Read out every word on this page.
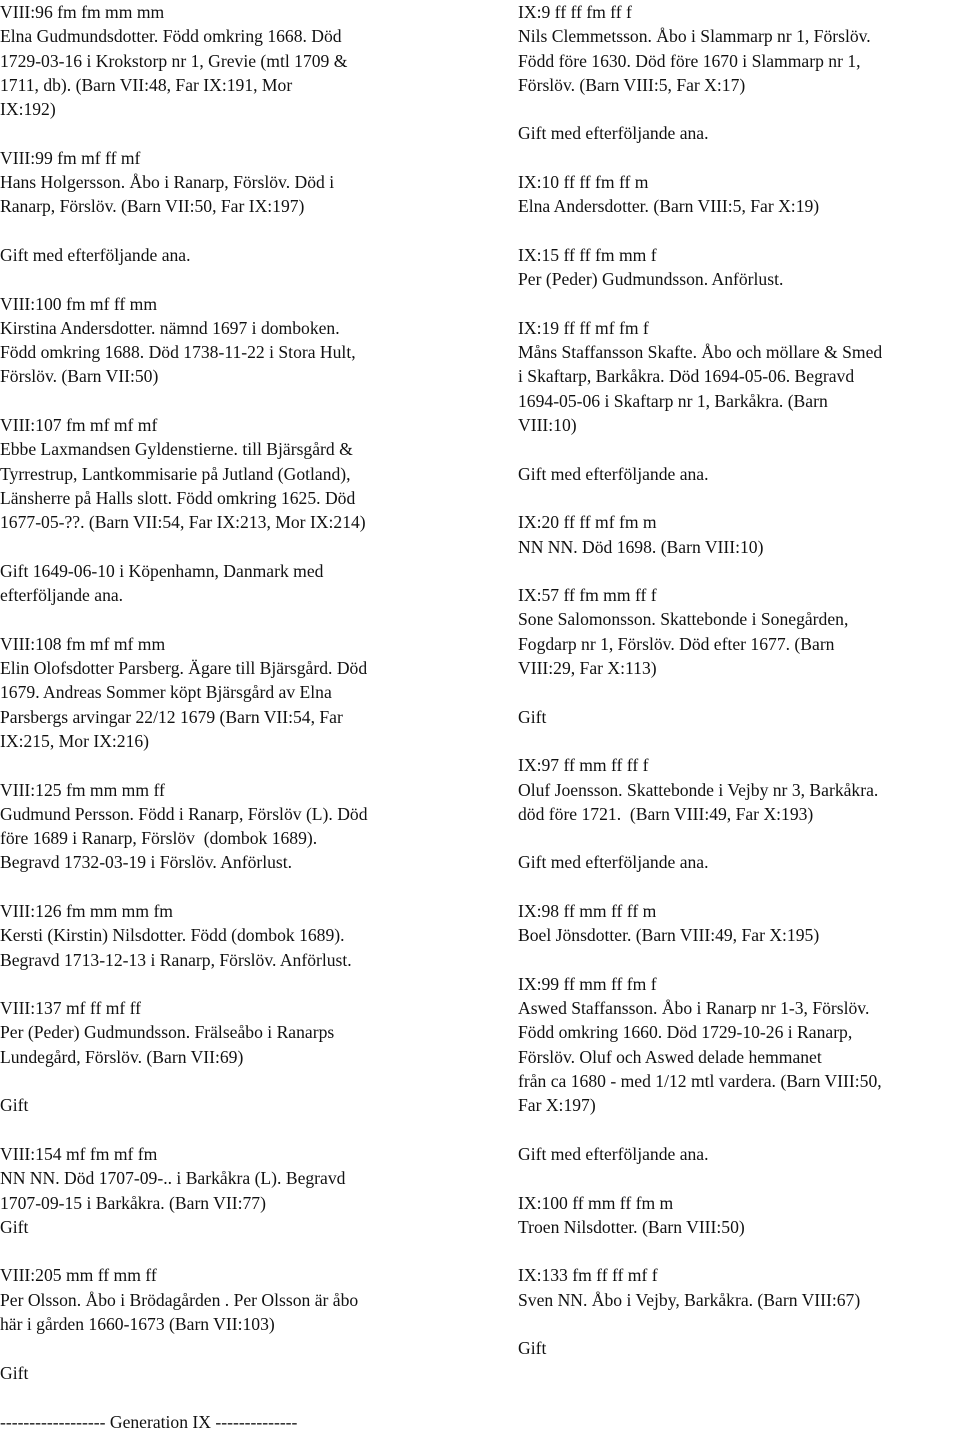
VIII:96 fm fm mm mm
Elna Gudmundsdotter. Född omkring 1668. Död
1729-03-16 i Krokstorp nr 1, Grevie (mtl 1709 &
1711, db). (Barn VII:48, Far IX:191, Mor
IX:192)
VIII:99 fm mf ff mf
Hans Holgersson. Åbo i Ranarp, Förslöv. Död i
Ranarp, Förslöv. (Barn VII:50, Far IX:197)
Gift med efterföljande ana.
VIII:100 fm mf ff mm
Kirstina Andersdotter. nämnd 1697 i domboken.
Född omkring 1688. Död 1738-11-22 i Stora Hult,
Förslöv. (Barn VII:50)
VIII:107 fm mf mf mf
Ebbe Laxmandsen Gyldenstierne. till Bjärsgård &
Tyrrestrup, Lantkommisarie på Jutland (Gotland),
Länsherre på Halls slott. Född omkring 1625. Död
1677-05-??. (Barn VII:54, Far IX:213, Mor IX:214)
Gift 1649-06-10 i Köpenhamn, Danmark med
efterföljande ana.
VIII:108 fm mf mf mm
Elin Olofsdotter Parsberg. Ägare till Bjärsgård. Död
1679. Andreas Sommer köpt Bjärsgård av Elna
Parsbergs arvingar 22/12 1679 (Barn VII:54, Far
IX:215, Mor IX:216)
VIII:125 fm mm mm ff
Gudmund Persson. Född i Ranarp, Förslöv (L). Död
före 1689 i Ranarp, Förslöv  (dombok 1689).
Begravd 1732-03-19 i Förslöv. Anförlust.
VIII:126 fm mm mm fm
Kersti (Kirstin) Nilsdotter. Född (dombok 1689).
Begravd 1713-12-13 i Ranarp, Förslöv. Anförlust.
VIII:137 mf ff mf ff
Per (Peder) Gudmundsson. Frälseåbo i Ranarps
Lundegård, Förslöv. (Barn VII:69)
Gift
VIII:154 mf fm mf fm
NN NN. Död 1707-09-.. i Barkåkra (L). Begravd
1707-09-15 i Barkåkra. (Barn VII:77)
Gift
VIII:205 mm ff mm ff
Per Olsson. Åbo i Brödagården . Per Olsson är åbo
här i gården 1660-1673 (Barn VII:103)
Gift
IX:9 ff ff fm ff f
Nils Clemmetsson. Åbo i Slammarp nr 1, Förslöv.
Född före 1630. Död före 1670 i Slammarp nr 1,
Förslöv. (Barn VIII:5, Far X:17)
Gift med efterföljande ana.
IX:10 ff ff fm ff m
Elna Andersdotter. (Barn VIII:5, Far X:19)
IX:15 ff ff fm mm f
Per (Peder) Gudmundsson. Anförlust.
IX:19 ff ff mf fm f
Måns Staffansson Skafte. Åbo och möllare & Smed
i Skaftarp, Barkåkra. Död 1694-05-06. Begravd
1694-05-06 i Skaftarp nr 1, Barkåkra. (Barn
VIII:10)
Gift med efterföljande ana.
IX:20 ff ff mf fm m
NN NN. Död 1698. (Barn VIII:10)
IX:57 ff fm mm ff f
Sone Salomonsson. Skattebonde i Sonegården,
Fogdarp nr 1, Förslöv. Död efter 1677. (Barn
VIII:29, Far X:113)
Gift
IX:97 ff mm ff ff f
Oluf Joensson. Skattebonde i Vejby nr 3, Barkåkra.
död före 1721.  (Barn VIII:49, Far X:193)
Gift med efterföljande ana.
IX:98 ff mm ff ff m
Boel Jönsdotter. (Barn VIII:49, Far X:195)
IX:99 ff mm ff fm f
Aswed Staffansson. Åbo i Ranarp nr 1-3, Förslöv.
Född omkring 1660. Död 1729-10-26 i Ranarp,
Förslöv. Oluf och Aswed delade hemmanet
från ca 1680 - med 1/12 mtl vardera. (Barn VIII:50,
Far X:197)
Gift med efterföljande ana.
IX:100 ff mm ff fm m
Troen Nilsdotter. (Barn VIII:50)
IX:133 fm ff ff mf f
Sven NN. Åbo i Vejby, Barkåkra. (Barn VIII:67)
Gift
------------------ Generation IX --------------
